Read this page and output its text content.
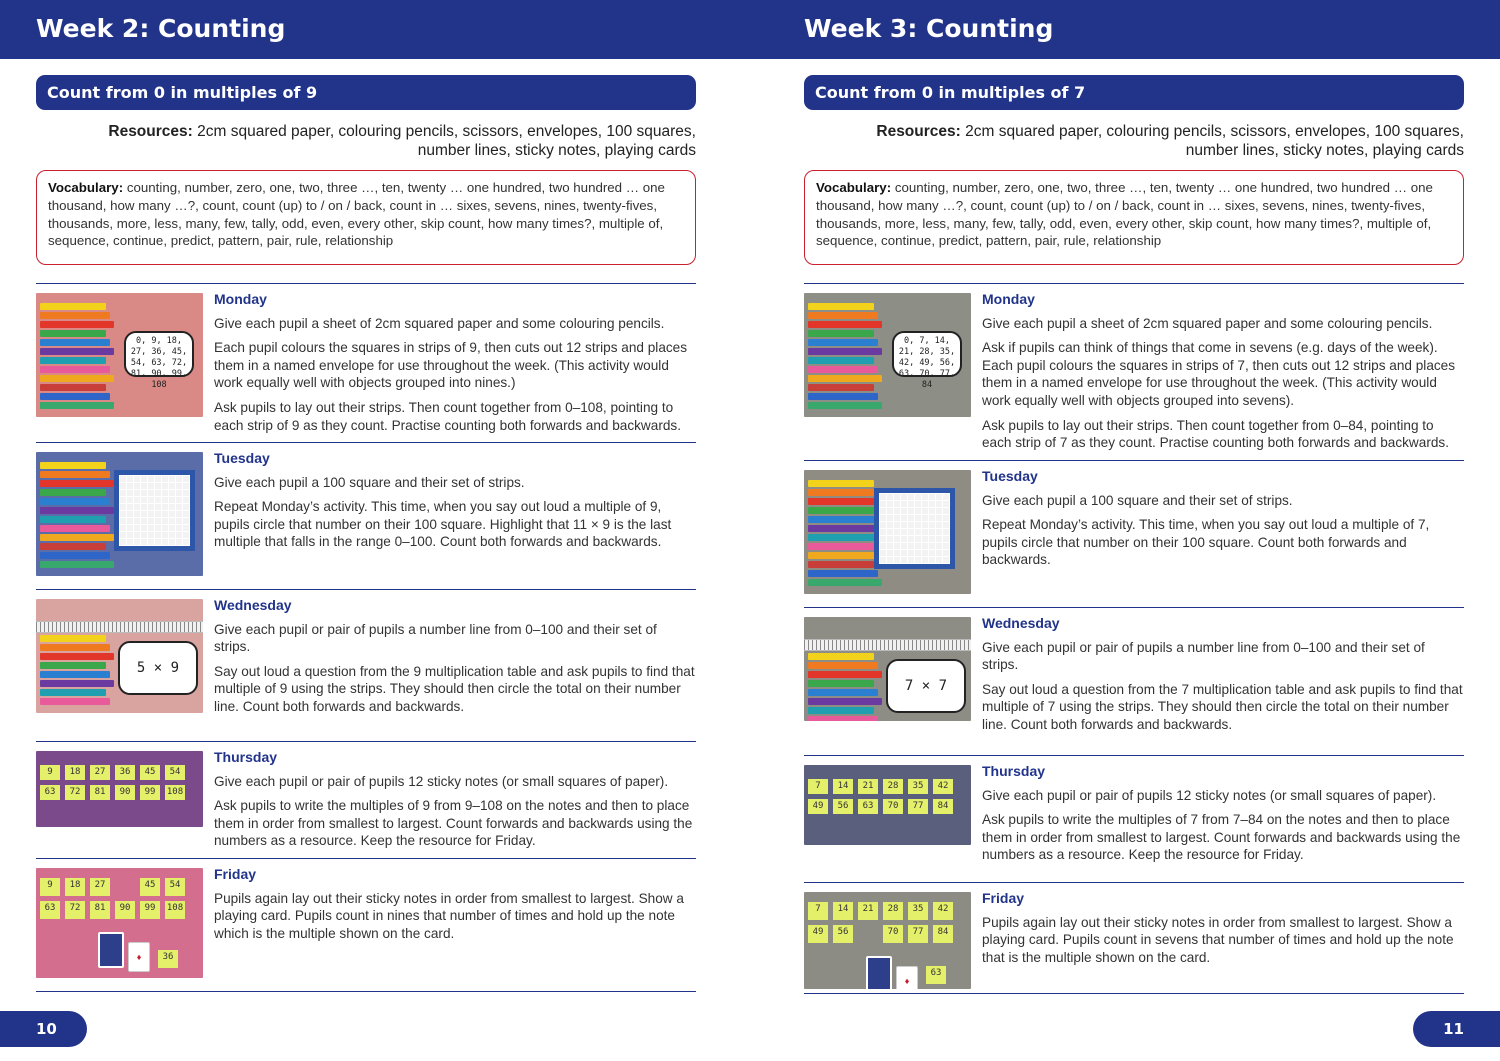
Week 2: Counting
Count from 0 in multiples of 9
Resources: 2cm squared paper, colouring pencils, scissors, envelopes, 100 squares,
number lines, sticky notes, playing cards
Vocabulary: counting, number, zero, one, two, three …, ten, twenty … one hundred, two hundred … one thousand, how many …?, count, count (up) to / on / back, count in … sixes, sevens, nines, twenty-fives, thousands, more, less, many, few, tally, odd, even, every other, skip count, how many times?, multiple of, sequence, continue, predict, pattern, pair, rule, relationship
0, 9, 18, 27, 36, 45, 54, 63, 72, 81, 90, 99, 108
Monday

Give each pupil a sheet of 2cm squared paper and some colouring pencils.

Each pupil colours the squares in strips of 9, then cuts out 12 strips and places them in a named envelope for use throughout the week. (This activity would work equally well with objects grouped into nines.)

Ask pupils to lay out their strips. Then count together from 0–108, pointing to each strip of 9 as they count. Practise counting both forwards and backwards.

Tuesday

Give each pupil a 100 square and their set of strips.

Repeat Monday’s activity. This time, when you say out loud a multiple of 9, pupils circle that number on their 100 square. Highlight that 11 × 9 is the last multiple that falls in the range 0–100. Count both forwards and backwards.

5 × 9
Wednesday

Give each pupil or pair of pupils a number line from 0–100 and their set of strips.

Say out loud a question from the 9 multiplication table and ask pupils to find that multiple of 9 using the strips. They should then circle the total on their number line. Count both forwards and backwards.

9	18	27	36	45	54
63	72	81	90	99	108
Thursday

Give each pupil or pair of pupils 12 sticky notes (or small squares of paper).

Ask pupils to write the multiples of 9 from 9–108 on the notes and then to place them in order from smallest to largest. Count forwards and backwards using the numbers as a resource. Keep the resource for Friday.

9	18	27	45	54
63	72	81	90	99	108
♦	36
Friday

Pupils again lay out their sticky notes in order from smallest to largest. Show a playing card. Pupils count in nines that number of times and hold up the note which is the multiple shown on the card.

10
Week 3: Counting
Count from 0 in multiples of 7
Resources: 2cm squared paper, colouring pencils, scissors, envelopes, 100 squares,
number lines, sticky notes, playing cards
Vocabulary: counting, number, zero, one, two, three …, ten, twenty … one hundred, two hundred … one thousand, how many …?, count, count (up) to / on / back, count in … sixes, sevens, nines, twenty-fives, thousands, more, less, many, few, tally, odd, even, every other, skip count, how many times?, multiple of, sequence, continue, predict, pattern, pair, rule, relationship
0, 7, 14, 21, 28, 35, 42, 49, 56, 63, 70, 77, 84
Monday

Give each pupil a sheet of 2cm squared paper and some colouring pencils.

Ask if pupils can think of things that come in sevens (e.g. days of the week). Each pupil colours the squares in strips of 7, then cuts out 12 strips and places them in a named envelope for use throughout the week. (This activity would work equally well with objects grouped into sevens).

Ask pupils to lay out their strips. Then count together from 0–84, pointing to each strip of 7 as they count. Practise counting both forwards and backwards.

Tuesday

Give each pupil a 100 square and their set of strips.

Repeat Monday’s activity. This time, when you say out loud a multiple of 7, pupils circle that number on their 100 square. Count both forwards and backwards.

7 × 7
Wednesday

Give each pupil or pair of pupils a number line from 0–100 and their set of strips.

Say out loud a question from the 7 multiplication table and ask pupils to find that multiple of 7 using the strips. They should then circle the total on their number line. Count both forwards and backwards.

7	14	21	28	35	42
49	56	63	70	77	84
Thursday

Give each pupil or pair of pupils 12 sticky notes (or small squares of paper).

Ask pupils to write the multiples of 7 from 7–84 on the notes and then to place them in order from smallest to largest. Count forwards and backwards using the numbers as a resource. Keep the resource for Friday.

7	14	21	28	35	42
49	56	70	77	84
♦
63
Friday

Pupils again lay out their sticky notes in order from smallest to largest. Show a playing card. Pupils count in sevens that number of times and hold up the note that is the multiple shown on the card.

11
